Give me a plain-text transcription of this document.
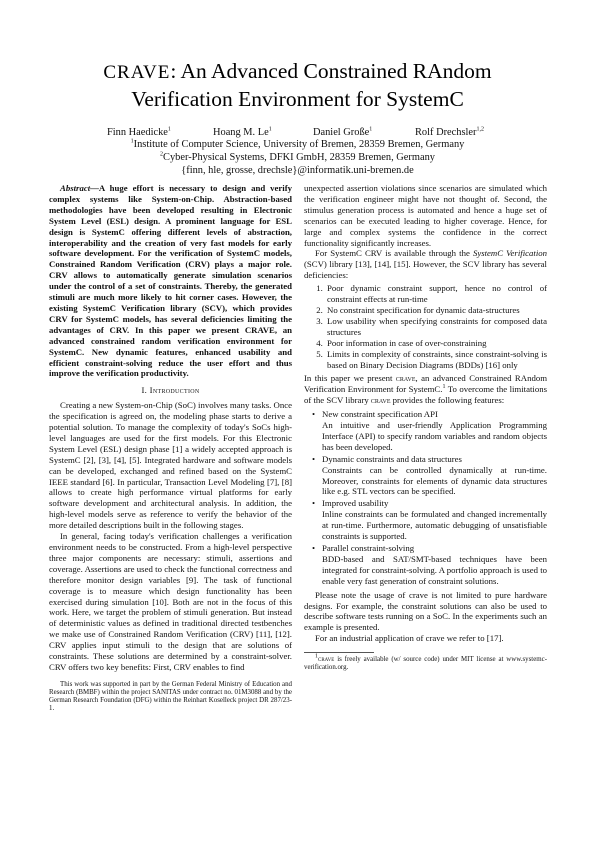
CRAVE: An Advanced Constrained RAndom
Verification Environment for SystemC
Finn Haedicke$^1$	Hoang M. Le$^1$	Daniel Große$^1$	Rolf Drechsler$^{1,2}$
$^1$Institute of Computer Science, University of Bremen, 28359 Bremen, Germany
$^2$Cyber-Physical Systems, DFKI GmbH, 28359 Bremen, Germany
{finn, hle, grosse, drechsle}@informatik.uni-bremen.de

Abstract—A huge effort is necessary to design and verify complex systems like System-on-Chip. Abstraction-based methodologies have been developed resulting in Electronic System Level (ESL) design. A prominent language for ESL design is SystemC offering different levels of abstraction, interoperability and the creation of very fast models for early software development. For the verification of SystemC models, Constrained Random Verification (CRV) plays a major role. CRV allows to automatically generate simulation scenarios under the control of a set of constraints. Thereby, the generated stimuli are much more likely to hit corner cases. However, the existing SystemC Verification library (SCV), which provides CRV for SystemC models, has several deficiencies limiting the advantages of CRV. In this paper we present CRAVE, an advanced constrained random verification environment for SystemC. New dynamic features, enhanced usability and efficient constraint-solving reduce the user effort and thus improve the verification productivity.

I. Introduction

Creating a new System-on-Chip (SoC) involves many tasks. Once the specification is agreed on, the modeling phase starts to derive a potential solution. To manage the complexity of today's SoCs high-level languages are used for the first models. For this Electronic System Level (ESL) design phase [1] a widely accepted approach is SystemC [2], [3], [4], [5]. Integrated hardware and software models can be developed, exchanged and refined based on the SystemC IEEE standard [6]. In particular, Transaction Level Modeling [7], [8] allows to create high performance virtual platforms for early software development and architectural analysis. In addition, the high-level models serve as reference to verify the behavior of the more detailed descriptions built in the following stages.

In general, facing today's verification challenges a verification environment needs to be constructed. From a high-level perspective three major components are necessary: stimuli, assertions and coverage. Assertions are used to check the functional correctness and therefore monitor design variables [9]. The task of functional coverage is to measure which design functionality has been exercised during simulation [10]. Both are not in the focus of this work. Here, we target the problem of stimuli generation. But instead of deterministic values as defined in traditional directed testbenches we make use of Constrained Random Verification (CRV) [11], [12]. CRV applies input stimuli to the design that are solutions of constraints. These solutions are determined by a constraint-solver. CRV offers two key benefits: First, CRV enables to find

This work was supported in part by the German Federal Ministry of Education and Research (BMBF) within the project SANITAS under contract no. 01M3088 and by the German Research Foundation (DFG) within the Reinhart Koselleck project DR 287/23-1.

unexpected assertion violations since scenarios are simulated which the verification engineer might have not thought of. Second, the stimulus generation process is automated and hence a huge set of scenarios can be executed leading to higher coverage. Hence, for large and complex systems the confidence in the correct functionality significantly increases.

For SystemC CRV is available through the SystemC Verification (SCV) library [13], [14], [15]. However, the SCV library has several deficiencies:

1. Poor dynamic constraint support, hence no control of constraint effects at run-time
2. No constraint specification for dynamic data-structures
3. Low usability when specifying constraints for composed data structures
4. Poor information in case of over-constraining
5. Limits in complexity of constraints, since constraint-solving is based on Binary Decision Diagrams (BDDs) [16] only

In this paper we present crave, an advanced Constrained RAndom Verification Environment for SystemC.$^1$ To overcome the limitations of the SCV library crave provides the following features:

• New constraint specification API
An intuitive and user-friendly Application Programming Interface (API) to specify random variables and random objects has been developed.
• Dynamic constraints and data structures
Constraints can be controlled dynamically at run-time. Moreover, constraints for elements of dynamic data structures like e.g. STL vectors can be specified.
• Improved usability
Inline constraints can be formulated and changed incrementally at run-time. Furthermore, automatic debugging of unsatisfiable constraints is supported.
• Parallel constraint-solving
BDD-based and SAT/SMT-based techniques have been integrated for constraint-solving. A portfolio approach is used to enable very fast generation of constraint solutions.

Please note the usage of crave is not limited to pure hardware designs. For example, the constraint solutions can also be used to describe software tests running on a SoC. In the experiments such an example is presented.

For an industrial application of crave we refer to [17].

$^1$crave is freely available (w/ source code) under MIT license at www.systemc-verification.org.
